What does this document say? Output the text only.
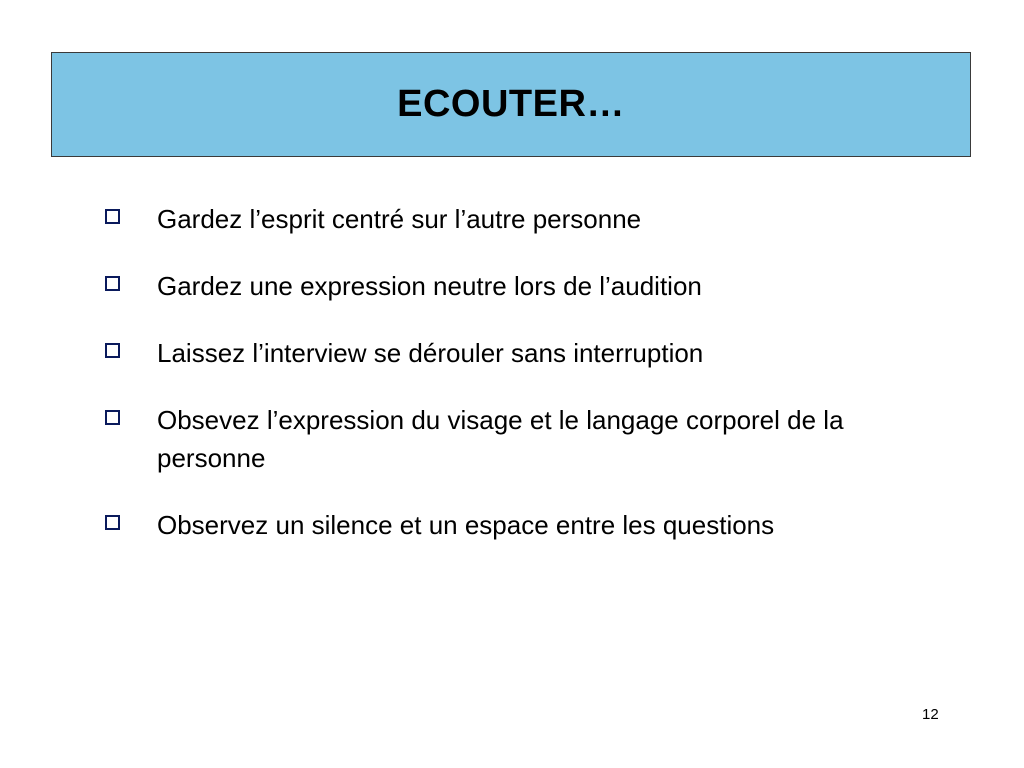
ECOUTER…
Gardez l’esprit centré sur l’autre personne
Gardez une expression neutre lors de l’audition
Laissez l’interview se dérouler sans interruption
Obsevez l’expression du visage et le langage corporel de la personne
Observez un silence et un espace entre les questions
12
